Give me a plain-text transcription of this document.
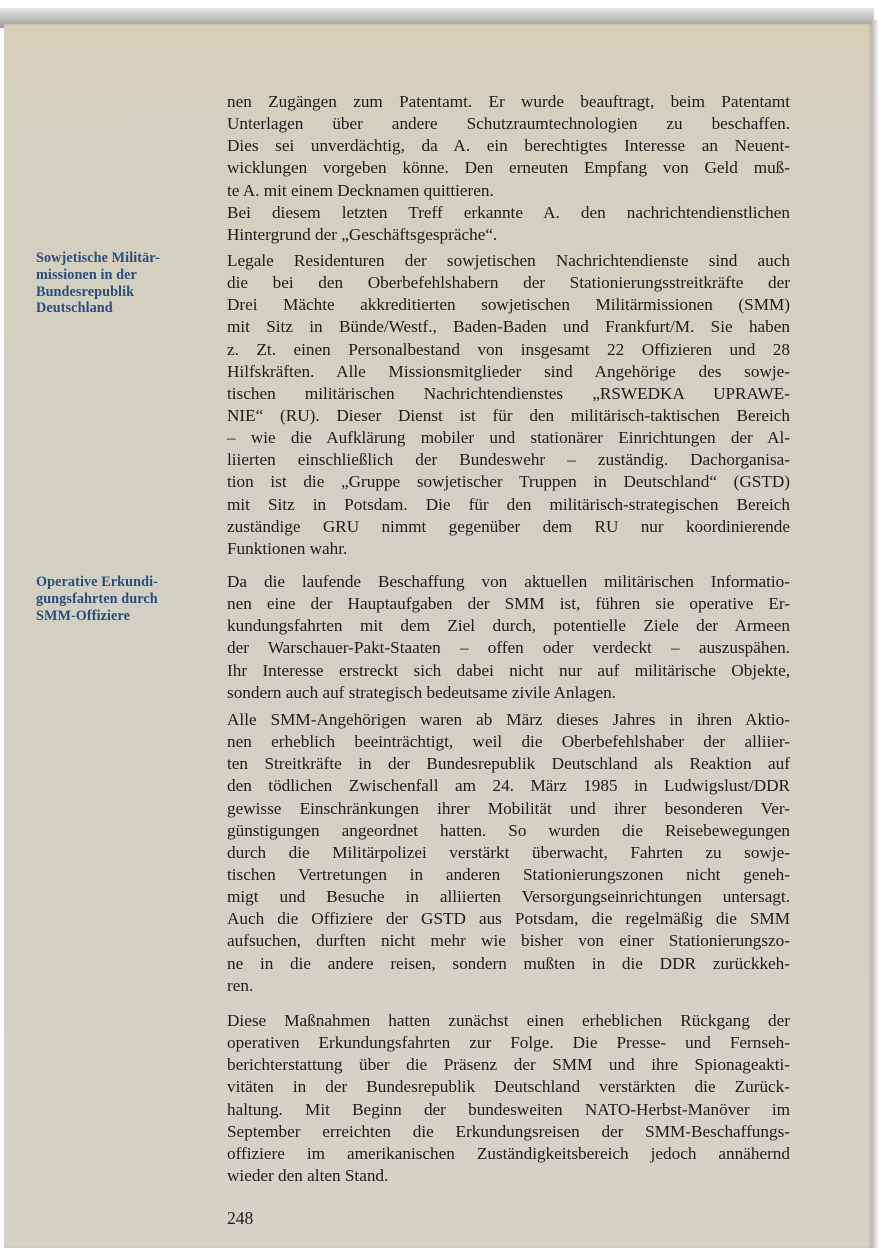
Sowjetische Militär-
missionen in der
Bundesrepublik
Deutschland
Operative Erkundi-
gungsfahrten durch
SMM-Offiziere
nen Zugängen zum Patentamt. Er wurde beauftragt, beim Patentamt
Unterlagen über andere Schutzraumtechnologien zu beschaffen.
Dies sei unverdächtig, da A. ein berechtigtes Interesse an Neuent-
wicklungen vorgeben könne. Den erneuten Empfang von Geld muß-
te A. mit einem Decknamen quittieren.
Bei diesem letzten Treff erkannte A. den nachrichtendienstlichen
Hintergrund der „Geschäftsgespräche“.
Legale Residenturen der sowjetischen Nachrichtendienste sind auch
die bei den Oberbefehlshabern der Stationierungsstreitkräfte der
Drei Mächte akkreditierten sowjetischen Militärmissionen (SMM)
mit Sitz in Bünde/Westf., Baden-Baden und Frankfurt/M. Sie haben
z. Zt. einen Personalbestand von insgesamt 22 Offizieren und 28
Hilfskräften. Alle Missionsmitglieder sind Angehörige des sowje-
tischen militärischen Nachrichtendienstes „RSWEDKA UPRAWE-
NIE“ (RU). Dieser Dienst ist für den militärisch-taktischen Bereich
– wie die Aufklärung mobiler und stationärer Einrichtungen der Al-
liierten einschließlich der Bundeswehr – zuständig. Dachorganisa-
tion ist die „Gruppe sowjetischer Truppen in Deutschland“ (GSTD)
mit Sitz in Potsdam. Die für den militärisch-strategischen Bereich
zuständige GRU nimmt gegenüber dem RU nur koordinierende
Funktionen wahr.
Da die laufende Beschaffung von aktuellen militärischen Informatio-
nen eine der Hauptaufgaben der SMM ist, führen sie operative Er-
kundungsfahrten mit dem Ziel durch, potentielle Ziele der Armeen
der Warschauer-Pakt-Staaten – offen oder verdeckt – auszuspähen.
Ihr Interesse erstreckt sich dabei nicht nur auf militärische Objekte,
sondern auch auf strategisch bedeutsame zivile Anlagen.
Alle SMM-Angehörigen waren ab März dieses Jahres in ihren Aktio-
nen erheblich beeinträchtigt, weil die Oberbefehlshaber der alliier-
ten Streitkräfte in der Bundesrepublik Deutschland als Reaktion auf
den tödlichen Zwischenfall am 24. März 1985 in Ludwigslust/DDR
gewisse Einschränkungen ihrer Mobilität und ihrer besonderen Ver-
günstigungen angeordnet hatten. So wurden die Reisebewegungen
durch die Militärpolizei verstärkt überwacht, Fahrten zu sowje-
tischen Vertretungen in anderen Stationierungszonen nicht geneh-
migt und Besuche in alliierten Versorgungseinrichtungen untersagt.
Auch die Offiziere der GSTD aus Potsdam, die regelmäßig die SMM
aufsuchen, durften nicht mehr wie bisher von einer Stationierungszo-
ne in die andere reisen, sondern mußten in die DDR zurückkeh-
ren.
Diese Maßnahmen hatten zunächst einen erheblichen Rückgang der
operativen Erkundungsfahrten zur Folge. Die Presse- und Fernseh-
berichterstattung über die Präsenz der SMM und ihre Spionageakti-
vitäten in der Bundesrepublik Deutschland verstärkten die Zurück-
haltung. Mit Beginn der bundesweiten NATO-Herbst-Manöver im
September erreichten die Erkundungsreisen der SMM-Beschaffungs-
offiziere im amerikanischen Zuständigkeitsbereich jedoch annähernd
wieder den alten Stand.
248
